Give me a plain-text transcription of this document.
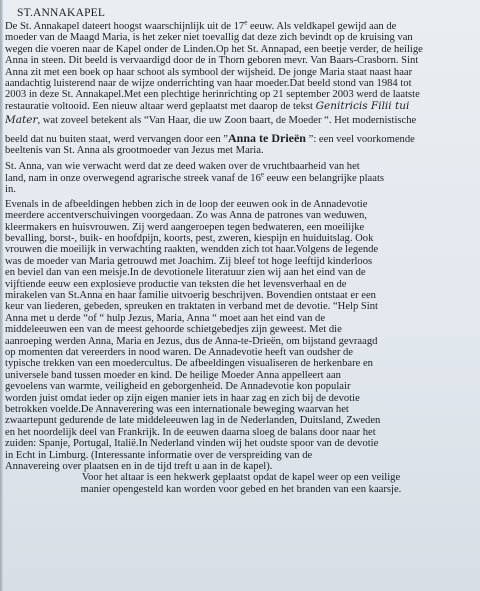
ST.ANNAKAPEL
De St. Annakapel dateert hoogst waarschijnlijk uit de 17e eeuw. Als veldkapel gewijd aan de
moeder van de Maagd Maria, is het zeker niet toevallig dat deze zich bevindt op de kruising van
wegen die voeren naar de Kapel onder de Linden.Op het St. Annapad, een beetje verder, de heilige
Anna in steen. Dit beeld is vervaardigd door de in Thorn geboren mevr. Van Baars-Crasborn. Sint
Anna zit met een boek op haar schoot als symbool der wijsheid. De jonge Maria staat naast haar
aandachtig luisterend naar de wijze onderrichting van haar moeder.Dat beeld stond van 1984 tot
2003 in deze St. Annakapel.Met een plechtige herinrichting op 21 september 2003 werd de laatste
restauratie voltooid. Een nieuw altaar werd geplaatst met daarop de tekst Genitricis Filii tui
Mater, wat zoveel betekent als “Van Haar, die uw Zoon baart, de Moeder “. Het modernistische
beeld dat nu buiten staat, werd vervangen door een ”Anna te Drieën ”: een veel voorkomende
beeltenis van St. Anna als grootmoeder van Jezus met Maria.
St. Anna, van wie verwacht werd dat ze deed waken over de vruchtbaarheid van het
land, nam in onze overwegend agrarische streek vanaf de 16e eeuw een belangrijke plaats
in.
Evenals in de afbeeldingen hebben zich in de loop der eeuwen ook in de Annadevotie
meerdere accentverschuivingen voorgedaan. Zo was Anna de patrones van weduwen,
kleermakers en huisvrouwen. Zij werd aangeroepen tegen bedwateren, een moeilijke
bevalling, borst-, buik- en hoofdpijn, koorts, pest, zweren, kiespijn en huiduitslag. Ook
vrouwen die moeilijk in verwachting raakten, wendden zich tot haar.Volgens de legende
was de moeder van Maria getrouwd met Joachim. Zij bleef tot hoge leeftijd kinderloos
en beviel dan van een meisje.In de devotionele literatuur zien wij aan het eind van de
vijftiende eeuw een explosieve productie van teksten die het levensverhaal en de
mirakelen van St.Anna en haar familie uitvoerig beschrijven. Bovendien ontstaat er een
keur van liederen, gebeden, spreuken en traktaten in verband met de devotie. “Help Sint
Anna met u derde “of “ hulp Jezus, Maria, Anna “ moet aan het eind van de
middeleeuwen een van de meest gehoorde schietgebedjes zijn geweest. Met die
aanroeping werden Anna, Maria en Jezus, dus de Anna-te-Drieën, om bijstand gevraagd
op momenten dat vereerders in nood waren. De Annadevotie heeft van oudsher de
typische trekken van een moedercultus. De afbeeldingen visualiseren de herkenbare en
universele band tussen moeder en kind. De heilige Moeder Anna appelleert aan
gevoelens van warmte, veiligheid en geborgenheid. De Annadevotie kon populair
worden juist omdat ieder op zijn eigen manier iets in haar zag en zich bij de devotie
betrokken voelde.De Annaverering was een internationale beweging waarvan het
zwaartepunt gedurende de late middeleeuwen lag in de Nederlanden, Duitsland, Zweden
en het noordelijk deel van Frankrijk. In de eeuwen daarna sloeg de balans door naar het
zuiden: Spanje, Portugal, Italië.In Nederland vinden wij het oudste spoor van de devotie
in Echt in Limburg. (Interessante informatie over de verspreiding van de
Annavereing over plaatsen en in de tijd treft u aan in de kapel).
Voor het altaar is een hekwerk geplaatst opdat de kapel weer op een veilige
manier opengesteld kan worden voor gebed en het branden van een kaarsje.
